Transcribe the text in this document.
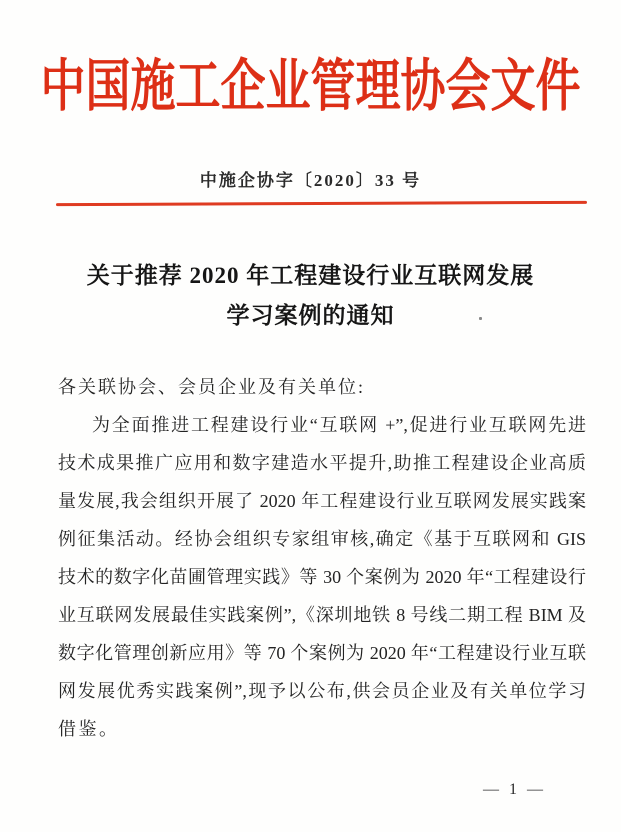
中国施工企业管理协会文件
中施企协字〔2020〕33 号
关于推荐 2020 年工程建设行业互联网发展
学习案例的通知
各关联协会、会员企业及有关单位:
为全面推进工程建设行业“互联网 +”,促进行业互联网先进
技术成果推广应用和数字建造水平提升,助推工程建设企业高质
量发展,我会组织开展了 2020 年工程建设行业互联网发展实践案
例征集活动。经协会组织专家组审核,确定《基于互联网和 GIS
技术的数字化苗圃管理实践》等 30 个案例为 2020 年“工程建设行
业互联网发展最佳实践案例”,《深圳地铁 8 号线二期工程 BIM 及
数字化管理创新应用》等 70 个案例为 2020 年“工程建设行业互联
网发展优秀实践案例”,现予以公布,供会员企业及有关单位学习
借鉴。
— 1 —
